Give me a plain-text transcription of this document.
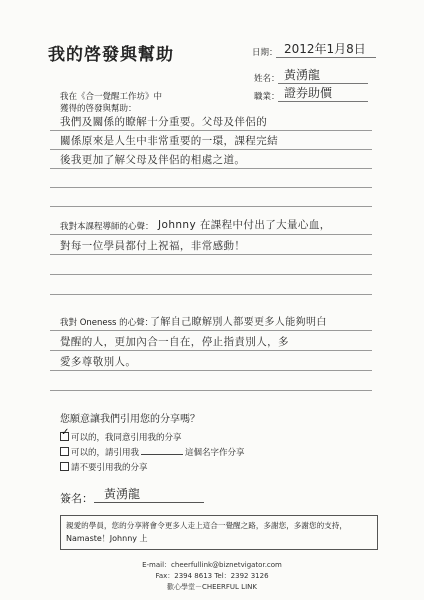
我的啓發與幫助	日期： 2012年1月8日
姓名： 黃湧龍
職業： 證券助價
我在《合一覺醒工作坊》中
獲得的啓發與幫助：
我們及關係的瞭解十分重要。父母及伴侶的
關係原來是人生中非常重要的一環，課程完結
後我更加了解父母及伴侶的相處之道。
我對本課程導師的心聲： Johnny 在課程中付出了大量心血，
對每一位學員都付上祝福，非常感動！
我對 Oneness 的心聲：
了解自己瞭解別人都要更多人能夠明白
覺醒的人，更加內合一自在，停止指責別人，多
愛多尊敬別人。
您願意讓我們引用您的分享嗎？
✓ 可以的，我同意引用我的分享
可以的，請引用我	這個名字作分享
請不要引用我的分享
簽名： 黃湧龍
親愛的學員，您的分享將會令更多人走上這合一覺醒之路，多謝您，多謝您的支持，
Namaste！Johnny 上
E-mail：cheerfullink@biznetvigator.com
Fax：2394 8613 Tel：2392 3126
歡心學堂－CHEERFUL LINK
